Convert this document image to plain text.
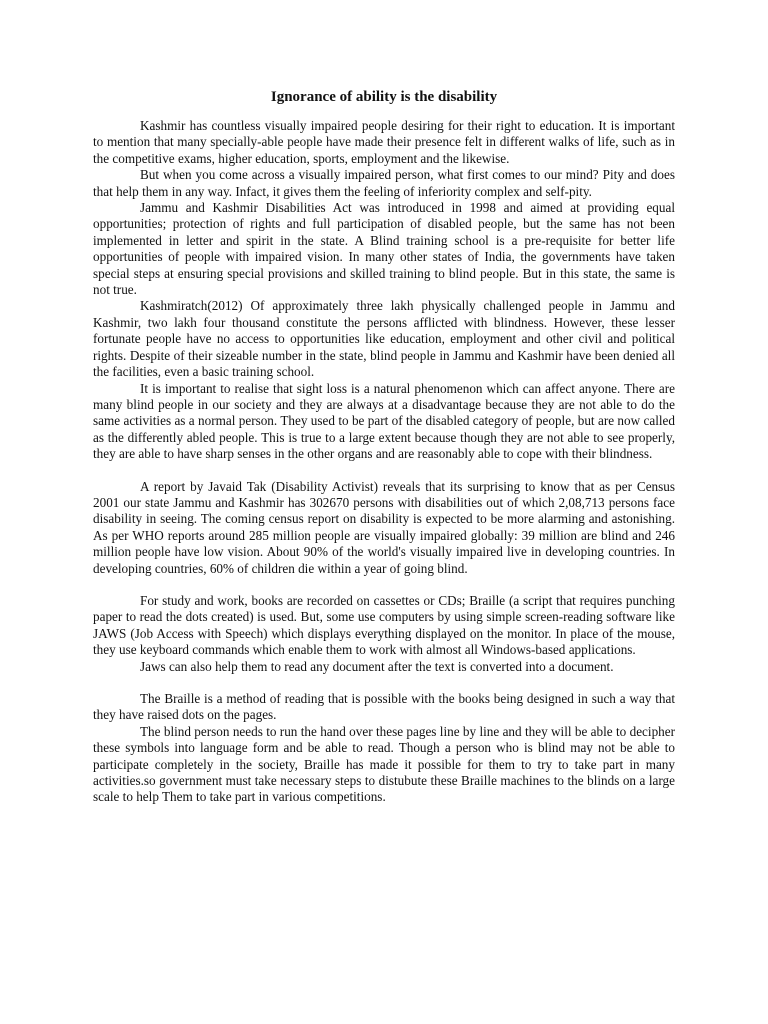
Ignorance of ability is the disability

Kashmir has countless visually impaired people desiring for their right to education. It is important to mention that many specially-able people have made their presence felt in different walks of life, such as in the competitive exams, higher education, sports, employment and the likewise.

But when you come across a visually impaired person, what first comes to our mind? Pity and does that help them in any way. Infact, it gives them the feeling of inferiority complex and self-pity.

Jammu and Kashmir Disabilities Act was introduced in 1998 and aimed at providing equal opportunities; protection of rights and full participation of disabled people, but the same has not been implemented in letter and spirit in the state. A Blind training school is a pre-requisite for better life opportunities of people with impaired vision. In many other states of India, the governments have taken special steps at ensuring special provisions and skilled training to blind people. But in this state, the same is not true.

Kashmiratch(2012) Of approximately three lakh physically challenged people in Jammu and Kashmir, two lakh four thousand constitute the persons afflicted with blindness. However, these lesser fortunate people have no access to opportunities like education, employment and other civil and political rights. Despite of their sizeable number in the state, blind people in Jammu and Kashmir have been denied all the facilities, even a basic training school.

It is important to realise that sight loss is a natural phenomenon which can affect anyone. There are many blind people in our society and they are always at a disadvantage because they are not able to do the same activities as a normal person. They used to be part of the disabled category of people, but are now called as the differently abled people. This is true to a large extent because though they are not able to see properly, they are able to have sharp senses in the other organs and are reasonably able to cope with their blindness.

A report by Javaid Tak (Disability Activist) reveals that its surprising to know that as per Census 2001 our state Jammu and Kashmir has 302670 persons with disabilities out of which 2,08,713 persons face disability in seeing. The coming census report on disability is expected to be more alarming and astonishing. As per WHO reports around 285 million people are visually impaired globally: 39 million are blind and 246 million people have low vision. About 90% of the world's visually impaired live in developing countries. In developing countries, 60% of children die within a year of going blind.

For study and work, books are recorded on cassettes or CDs; Braille (a script that requires punching paper to read the dots created) is used. But, some use computers by using simple screen-reading software like JAWS (Job Access with Speech) which displays everything displayed on the monitor. In place of the mouse, they use keyboard commands which enable them to work with almost all Windows-based applications.

Jaws can also help them to read any document after the text is converted into a document.

The Braille is a method of reading that is possible with the books being designed in such a way that they have raised dots on the pages.

The blind person needs to run the hand over these pages line by line and they will be able to decipher these symbols into language form and be able to read. Though a person who is blind may not be able to participate completely in the society, Braille has made it possible for them to try to take part in many activities.so government must take necessary steps to distubute these Braille machines to the blinds on a large scale to help Them to take part in various competitions.
